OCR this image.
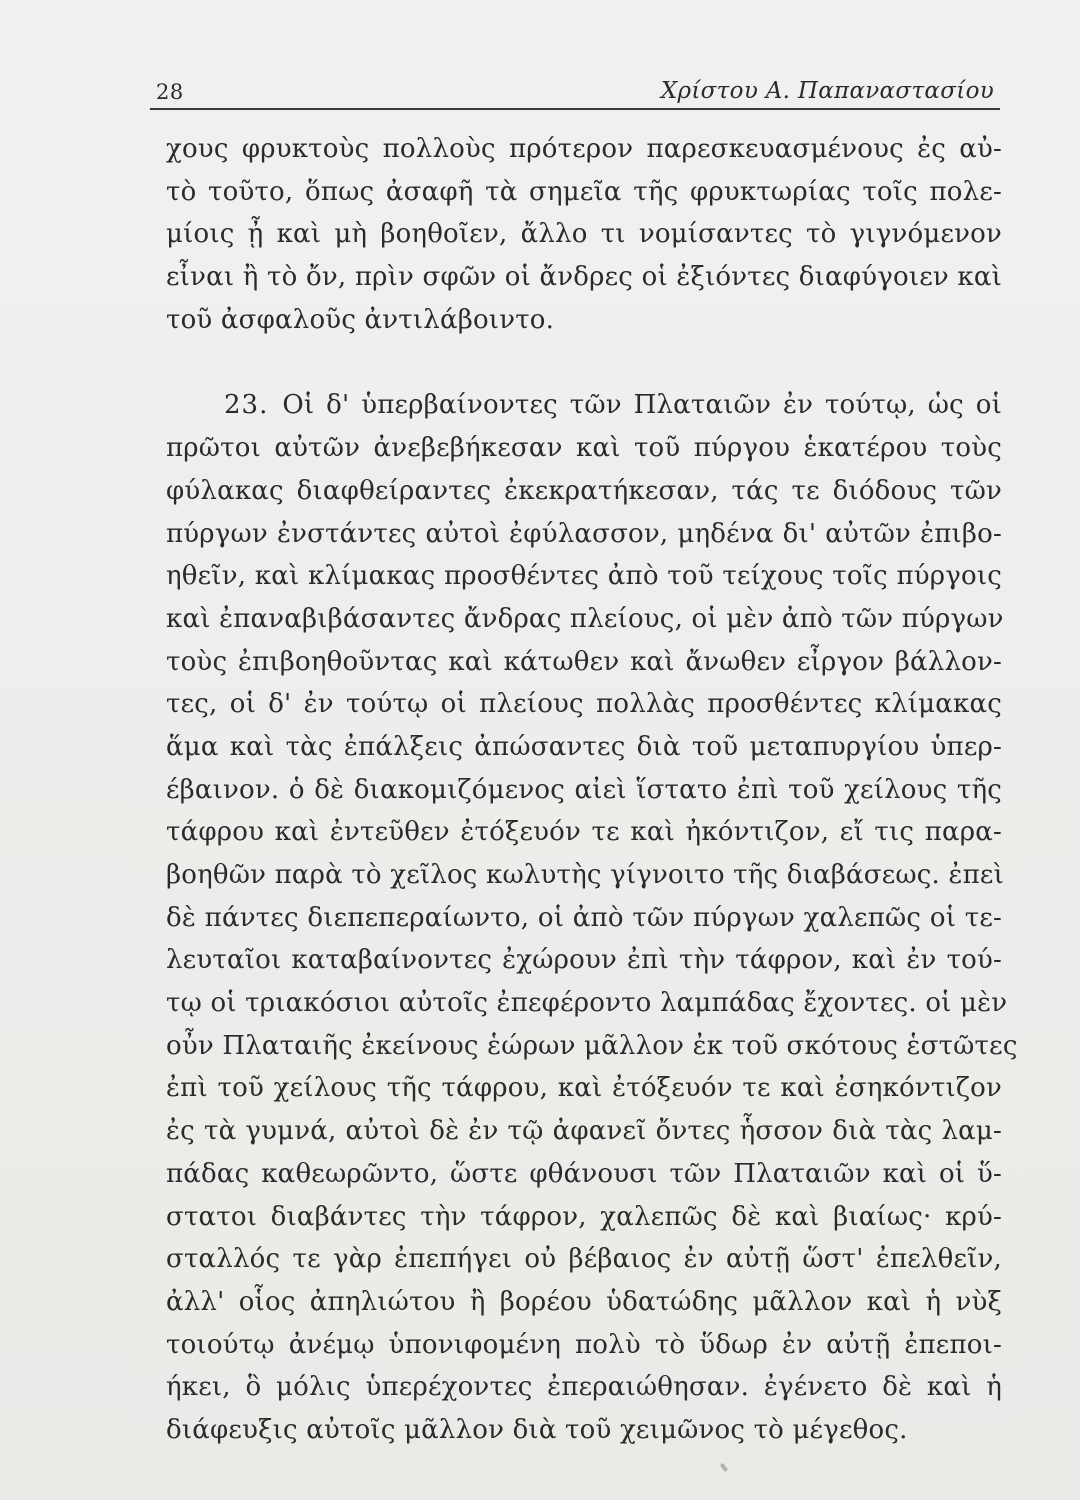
28	Χρίστου Α. Παπαναστασίου
χους φρυκτοὺς πολλοὺς πρότερον παρεσκευασμένους ἐς αὐ-
τὸ τοῦτο, ὅπως ἀσαφῆ τὰ σημεῖα τῆς φρυκτωρίας τοῖς πολε-
μίοις ᾖ καὶ μὴ βοηθοῖεν, ἄλλο τι νομίσαντες τὸ γιγνόμενον
εἶναι ἢ τὸ ὄν, πρὶν σφῶν οἱ ἄνδρες οἱ ἐξιόντες διαφύγοιεν καὶ
τοῦ ἀσφαλοῦς ἀντιλάβοιντο.
23. Οἱ δ' ὑπερβαίνοντες τῶν Πλαταιῶν ἐν τούτῳ, ὡς οἱ
πρῶτοι αὐτῶν ἀνεβεβήκεσαν καὶ τοῦ πύργου ἑκατέρου τοὺς
φύλακας διαφθείραντες ἐκεκρατήκεσαν, τάς τε διόδους τῶν
πύργων ἐνστάντες αὐτοὶ ἐφύλασσον, μηδένα δι' αὐτῶν ἐπιβο-
ηθεῖν, καὶ κλίμακας προσθέντες ἀπὸ τοῦ τείχους τοῖς πύργοις
καὶ ἐπαναβιβάσαντες ἄνδρας πλείους, οἱ μὲν ἀπὸ τῶν πύργων
τοὺς ἐπιβοηθοῦντας καὶ κάτωθεν καὶ ἄνωθεν εἶργον βάλλον-
τες, οἱ δ' ἐν τούτῳ οἱ πλείους πολλὰς προσθέντες κλίμακας
ἅμα καὶ τὰς ἐπάλξεις ἀπώσαντες διὰ τοῦ μεταπυργίου ὑπερ-
έβαινον. ὁ δὲ διακομιζόμενος αἰεὶ ἵστατο ἐπὶ τοῦ χείλους τῆς
τάφρου καὶ ἐντεῦθεν ἐτόξευόν τε καὶ ἠκόντιζον, εἴ τις παρα-
βοηθῶν παρὰ τὸ χεῖλος κωλυτὴς γίγνοιτο τῆς διαβάσεως. ἐπεὶ
δὲ πάντες διεπεπεραίωντο, οἱ ἀπὸ τῶν πύργων χαλεπῶς οἱ τε-
λευταῖοι καταβαίνοντες ἐχώρουν ἐπὶ τὴν τάφρον, καὶ ἐν τού-
τῳ οἱ τριακόσιοι αὐτοῖς ἐπεφέροντο λαμπάδας ἔχοντες. οἱ μὲν
οὖν Πλαταιῆς ἐκείνους ἑώρων μᾶλλον ἐκ τοῦ σκότους ἑστῶτες
ἐπὶ τοῦ χείλους τῆς τάφρου, καὶ ἐτόξευόν τε καὶ ἐσηκόντιζον
ἐς τὰ γυμνά, αὐτοὶ δὲ ἐν τῷ ἀφανεῖ ὄντες ἧσσον διὰ τὰς λαμ-
πάδας καθεωρῶντο, ὥστε φθάνουσι τῶν Πλαταιῶν καὶ οἱ ὕ-
στατοι διαβάντες τὴν τάφρον, χαλεπῶς δὲ καὶ βιαίως· κρύ-
σταλλός τε γὰρ ἐπεπήγει οὐ βέβαιος ἐν αὐτῇ ὥστ' ἐπελθεῖν,
ἀλλ' οἷος ἀπηλιώτου ἢ βορέου ὑδατώδης μᾶλλον καὶ ἡ νὺξ
τοιούτῳ ἀνέμῳ ὑπονιφομένη πολὺ τὸ ὕδωρ ἐν αὐτῇ ἐπεποι-
ήκει, ὃ μόλις ὑπερέχοντες ἐπεραιώθησαν. ἐγένετο δὲ καὶ ἡ
διάφευξις αὐτοῖς μᾶλλον διὰ τοῦ χειμῶνος τὸ μέγεθος.
